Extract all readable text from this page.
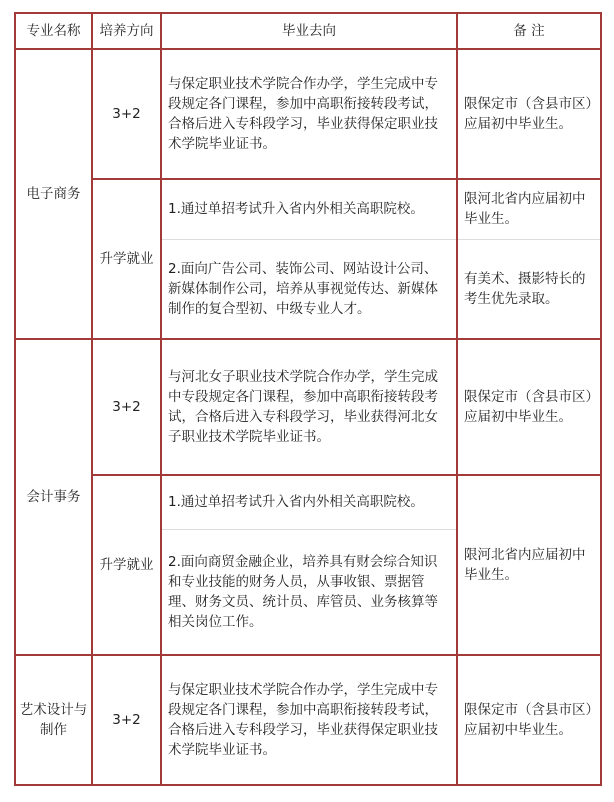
专业名称	培养方向	毕业去向	备 注
电子商务	3+2	与保定职业技术学院合作办学，学生完成中专段规定各门课程，参加中高职衔接转段考试，合格后进入专科段学习，毕业获得保定职业技术学院毕业证书。	限保定市（含县市区）应届初中毕业生。
	升学就业	1.通过单招考试升入省内外相关高职院校。	限河北省内应届初中毕业生。
		2.面向广告公司、装饰公司、网站设计公司、新媒体制作公司，培养从事视觉传达、新媒体制作的复合型初、中级专业人才。	有美术、摄影特长的考生优先录取。
会计事务	3+2	与河北女子职业技术学院合作办学，学生完成中专段规定各门课程，参加中高职衔接转段考试，合格后进入专科段学习，毕业获得河北女子职业技术学院毕业证书。	限保定市（含县市区）应届初中毕业生。
	升学就业	1.通过单招考试升入省内外相关高职院校。	限河北省内应届初中毕业生。
		2.面向商贸金融企业，培养具有财会综合知识和专业技能的财务人员，从事收银、票据管理、财务文员、统计员、库管员、业务核算等相关岗位工作。	
艺术设计与制作	3+2	与保定职业技术学院合作办学，学生完成中专段规定各门课程，参加中高职衔接转段考试，合格后进入专科段学习，毕业获得保定职业技术学院毕业证书。	限保定市（含县市区）应届初中毕业生。
